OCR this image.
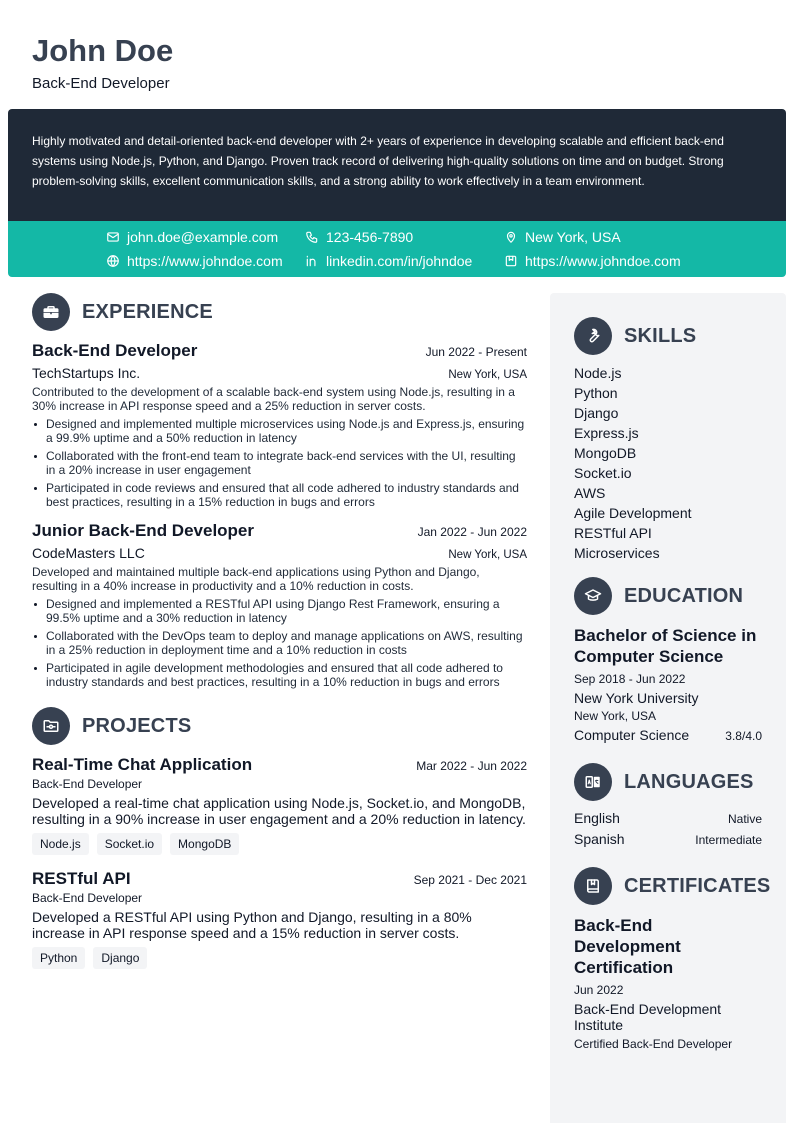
John Doe
Back-End Developer

Highly motivated and detail-oriented back-end developer with 2+ years of experience in developing scalable and efficient back-end systems using Node.js, Python, and Django. Proven track record of delivering high-quality solutions on time and on budget. Strong problem-solving skills, excellent communication skills, and a strong ability to work effectively in a team environment.

john.doe@example.com	123-456-7890	New York, USA
https://www.johndoe.com	linkedin.com/in/johndoe	https://www.johndoe.com
EXPERIENCE
Back-End Developer	Jun 2022 - Present
TechStartups Inc.	New York, USA
Contributed to the development of a scalable back-end system using Node.js, resulting in a 30% increase in API response speed and a 25% reduction in server costs.
Designed and implemented multiple microservices using Node.js and Express.js, ensuring a 99.9% uptime and a 50% reduction in latency
Collaborated with the front-end team to integrate back-end services with the UI, resulting in a 20% increase in user engagement
Participated in code reviews and ensured that all code adhered to industry standards and best practices, resulting in a 15% reduction in bugs and errors
Junior Back-End Developer	Jan 2022 - Jun 2022
CodeMasters LLC	New York, USA
Developed and maintained multiple back-end applications using Python and Django, resulting in a 40% increase in productivity and a 10% reduction in costs.
Designed and implemented a RESTful API using Django Rest Framework, ensuring a 99.5% uptime and a 30% reduction in latency
Collaborated with the DevOps team to deploy and manage applications on AWS, resulting in a 25% reduction in deployment time and a 10% reduction in costs
Participated in agile development methodologies and ensured that all code adhered to industry standards and best practices, resulting in a 10% reduction in bugs and errors
PROJECTS
Real-Time Chat Application	Mar 2022 - Jun 2022
Back-End Developer
Developed a real-time chat application using Node.js, Socket.io, and MongoDB, resulting in a 90% increase in user engagement and a 20% reduction in latency.
Node.js	Socket.io	MongoDB
RESTful API	Sep 2021 - Dec 2021
Back-End Developer
Developed a RESTful API using Python and Django, resulting in a 80% increase in API response speed and a 15% reduction in server costs.
Python	Django
SKILLS
Node.js
Python
Django
Express.js
MongoDB
Socket.io
AWS
Agile Development
RESTful API
Microservices
EDUCATION
Bachelor of Science in Computer Science
Sep 2018 - Jun 2022
New York University
New York, USA
Computer Science	3.8/4.0
LANGUAGES
English	Native
Spanish	Intermediate
CERTIFICATES
Back-End Development Certification
Jun 2022
Back-End Development Institute
Certified Back-End Developer
